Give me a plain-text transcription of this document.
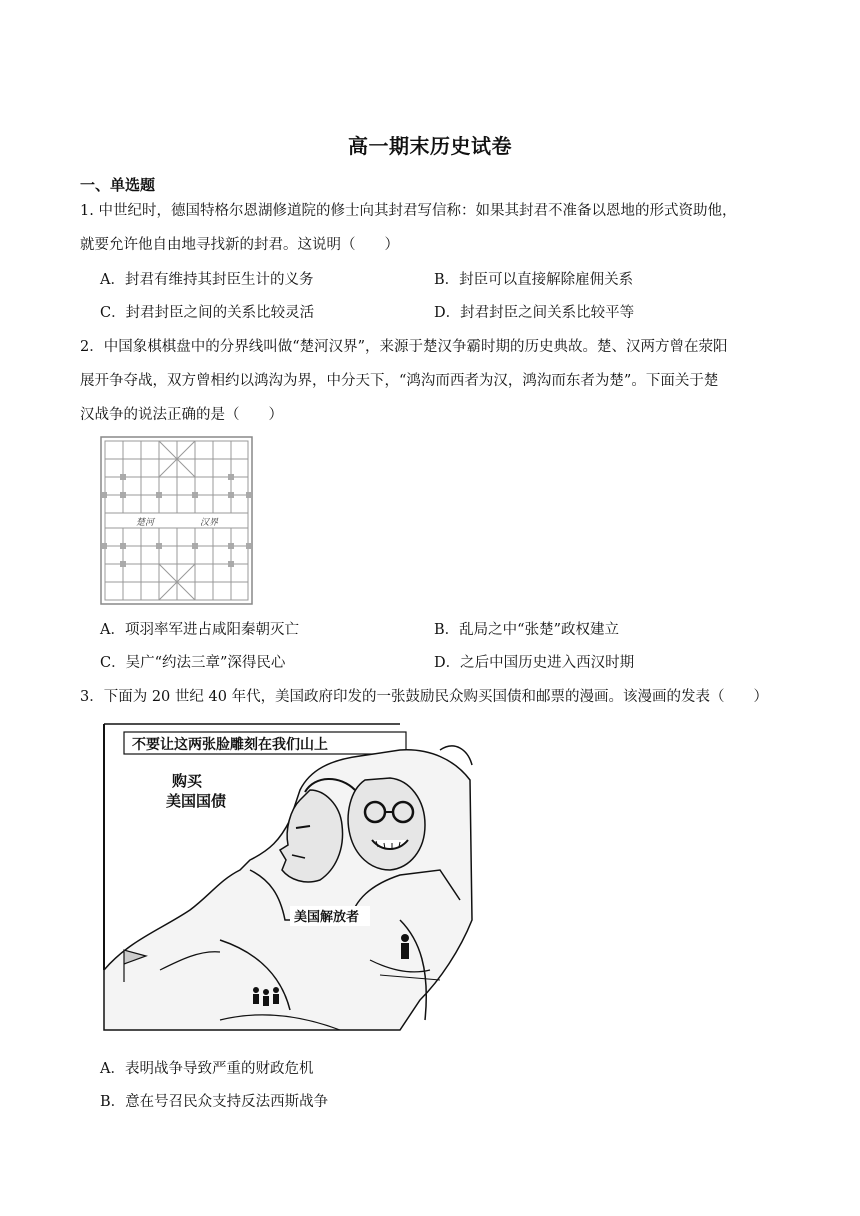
高一期末历史试卷
一、单选题
1. 中世纪时，德国特格尔恩湖修道院的修士向其封君写信称：如果其封君不准备以恩地的形式资助他，
就要允许他自由地寻找新的封君。这说明（　　）
A．封君有维持其封臣生计的义务	B．封臣可以直接解除雇佣关系
C．封君封臣之间的关系比较灵活	D．封君封臣之间关系比较平等
2．中国象棋棋盘中的分界线叫做“楚河汉界”，来源于楚汉争霸时期的历史典故。楚、汉两方曾在荥阳
展开争夺战，双方曾相约以鸿沟为界，中分天下，“鸿沟而西者为汉，鸿沟而东者为楚”。下面关于楚
汉战争的说法正确的是（　　）
楚河	汉界
A．项羽率军进占咸阳秦朝灭亡	B．乱局之中“张楚”政权建立
C．吴广“约法三章”深得民心	D．之后中国历史进入西汉时期
3．下面为 20 世纪 40 年代，美国政府印发的一张鼓励民众购买国债和邮票的漫画。该漫画的发表（　　）
不要让这两张脸雕刻在我们山上
购买
美国国债
美国解放者
A．表明战争导致严重的财政危机
B．意在号召民众支持反法西斯战争
